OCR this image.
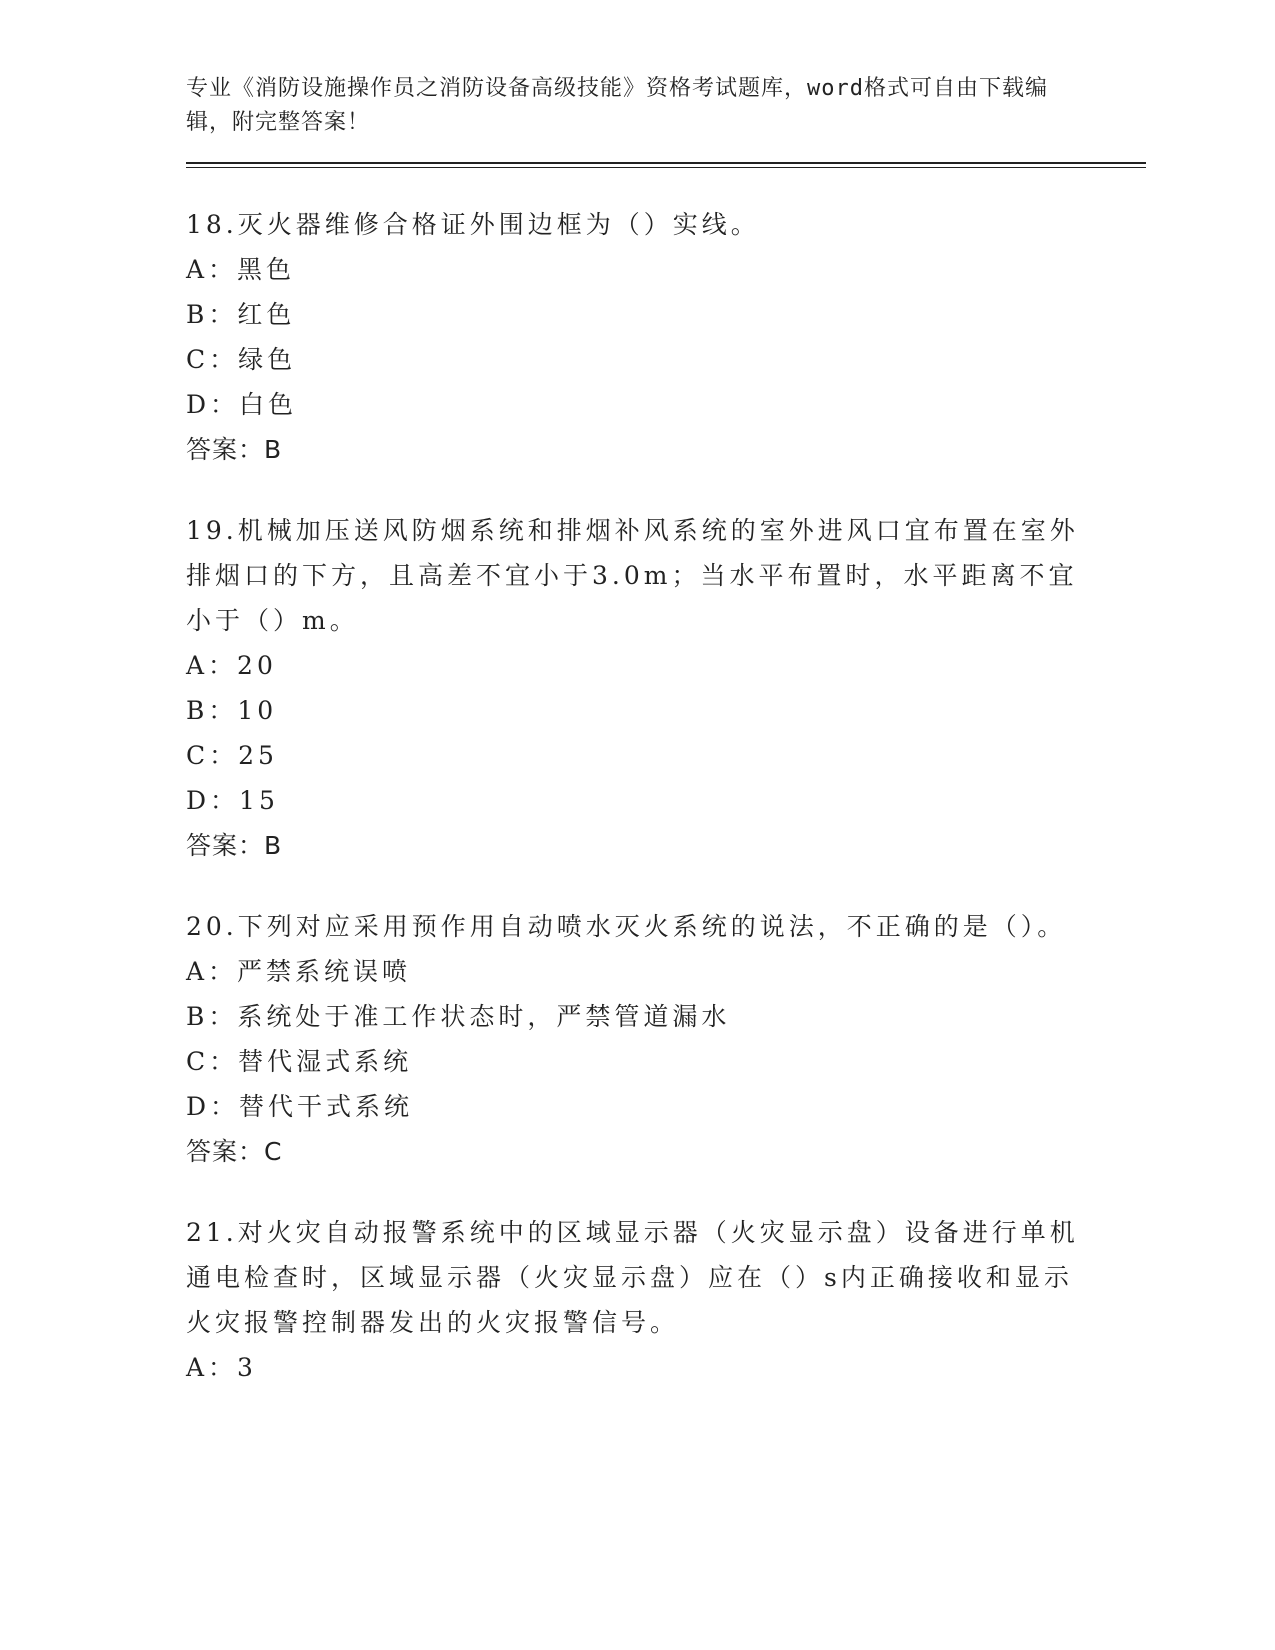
专业《消防设施操作员之消防设备高级技能》资格考试题库，word格式可自由下载编辑，附完整答案！
18.灭火器维修合格证外围边框为（）实线。
A：黑色
B：红色
C：绿色
D：白色
答案：B
19.机械加压送风防烟系统和排烟补风系统的室外进风口宜布置在室外排烟口的下方，且高差不宜小于3.0m；当水平布置时，水平距离不宜小于（）m。
A：20
B：10
C：25
D：15
答案：B
20.下列对应采用预作用自动喷水灭火系统的说法，不正确的是（）。
A：严禁系统误喷
B：系统处于准工作状态时，严禁管道漏水
C：替代湿式系统
D：替代干式系统
答案：C
21.对火灾自动报警系统中的区域显示器（火灾显示盘）设备进行单机通电检查时，区域显示器（火灾显示盘）应在（）s内正确接收和显示火灾报警控制器发出的火灾报警信号。
A：3
